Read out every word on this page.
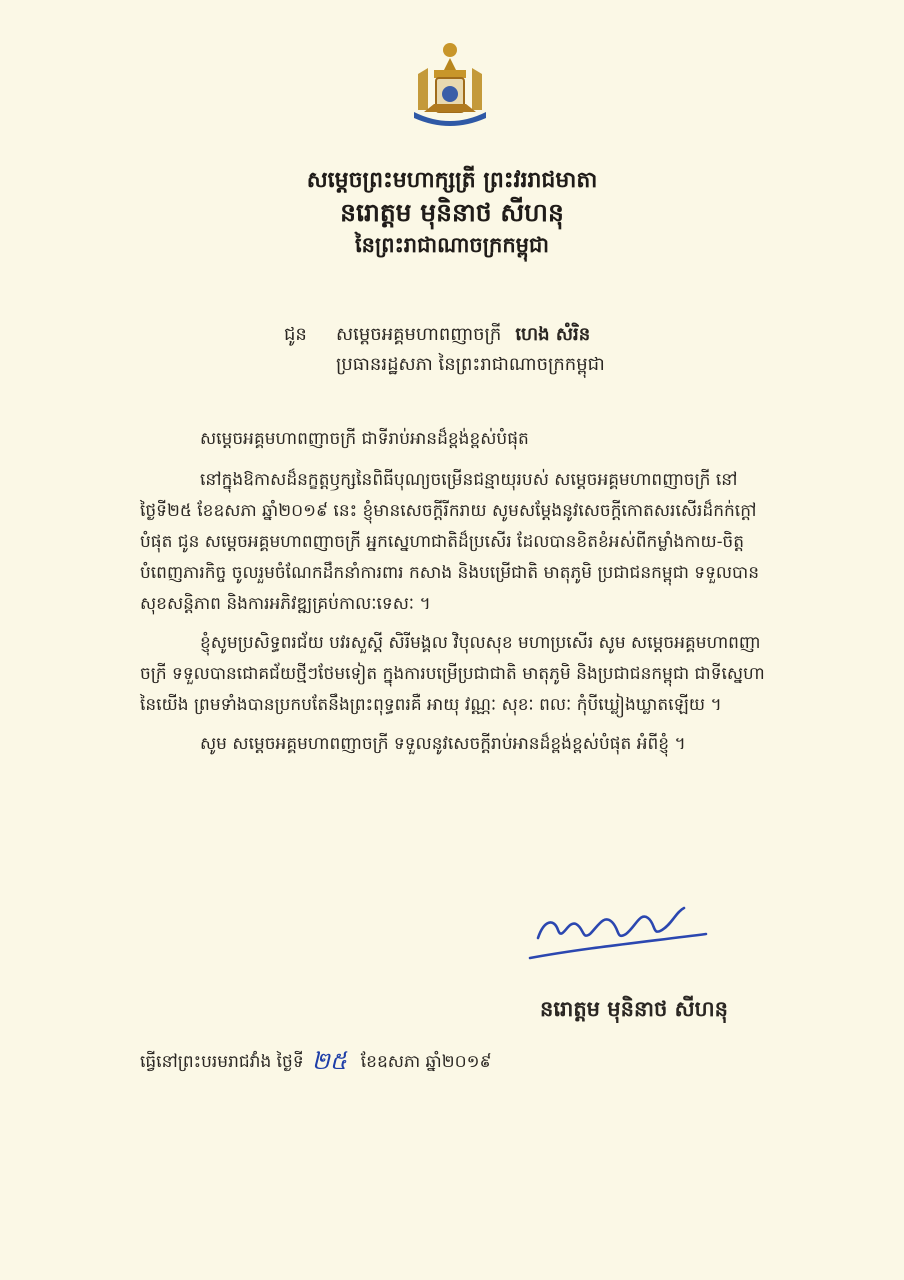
សម្ដេចព្រះមហាក្សត្រី ព្រះវររាជមាតា
នរោត្តម មុនិនាថ សីហនុ
នៃព្រះរាជាណាចក្រកម្ពុជា
ជូន	សម្ដេចអគ្គមហាពញាចក្រី ហេង សំរិន
ប្រធានរដ្ឋសភា នៃព្រះរាជាណាចក្រកម្ពុជា

សម្ដេចអគ្គមហាពញាចក្រី ជាទីរាប់អានដ៏ខ្ពង់ខ្ពស់បំផុត

នៅក្នុងឱកាសដ៏នក្ខត្តឫក្សនៃពិធីបុណ្យចម្រើនជន្មាយុរបស់ សម្ដេចអគ្គមហាពញាចក្រី នៅថ្ងៃទី២៥ ខែឧសភា ឆ្នាំ២០១៩ នេះ ខ្ញុំមានសេចក្ដីរីករាយ សូមសម្ដែងនូវសេចក្ដីកោតសរសើរដ៏កក់ក្ដៅបំផុត ជូន សម្ដេចអគ្គមហាពញាចក្រី អ្នកស្នេហាជាតិដ៏ប្រសើរ ដែលបានខិតខំអស់ពីកម្លាំងកាយ-ចិត្ត បំពេញភារកិច្ច ចូលរួមចំណែកដឹកនាំការពារ កសាង និងបម្រើជាតិ មាតុភូមិ ប្រជាជនកម្ពុជា ទទួលបានសុខសន្តិភាព និងការអភិវឌ្ឍគ្រប់កាលៈទេសៈ ។

ខ្ញុំសូមប្រសិទ្ធពរជ័យ បវរសួស្ដី សិរីមង្គល វិបុលសុខ មហាប្រសើរ សូម សម្ដេចអគ្គមហាពញាចក្រី ទទួលបានជោគជ័យថ្មីៗថែមទៀត ក្នុងការបម្រើប្រជាជាតិ មាតុភូមិ និងប្រជាជនកម្ពុជា ជាទីស្នេហានៃយើង ព្រមទាំងបានប្រកបតែនឹងព្រះពុទ្ធពរគឺ អាយុ វណ្ណៈ សុខៈ ពលៈ កុំបីឃ្លៀងឃ្លាតឡើយ ។

សូម សម្ដេចអគ្គមហាពញាចក្រី ទទួលនូវសេចក្ដីរាប់អានដ៏ខ្ពង់ខ្ពស់បំផុត អំពីខ្ញុំ ។

នរោត្តម មុនិនាថ សីហនុ
ធ្វើនៅព្រះបរមរាជវាំង ថ្ងៃទី ២៥ ខែឧសភា ឆ្នាំ២០១៩
